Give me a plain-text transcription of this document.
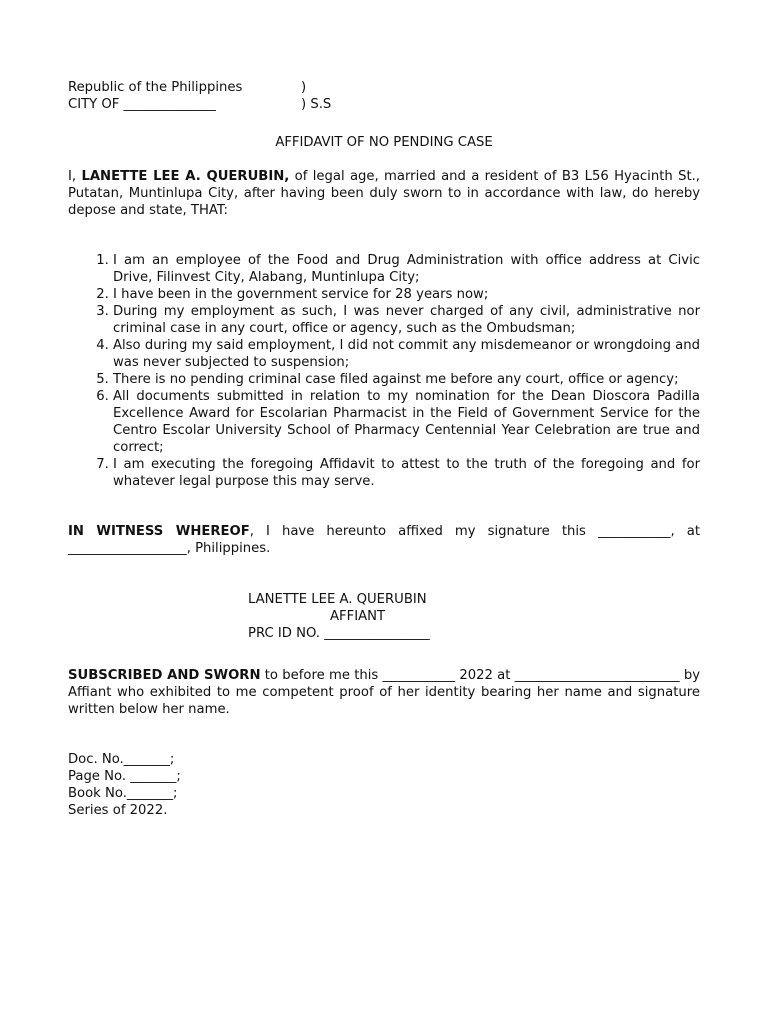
Republic of the Philippines	)
CITY OF ______________	) S.S
AFFIDAVIT OF NO PENDING CASE

I, LANETTE LEE A. QUERUBIN, of legal age, married and a resident of B3 L56 Hyacinth St., Putatan, Muntinlupa City, after having been duly sworn to in accordance with law, do hereby depose and state, THAT:

1. I am an employee of the Food and Drug Administration with office address at Civic Drive, Filinvest City, Alabang, Muntinlupa City;
2. I have been in the government service for 28 years now;
3. During my employment as such, I was never charged of any civil, administrative nor criminal case in any court, office or agency, such as the Ombudsman;
4. Also during my said employment, I did not commit any misdemeanor or wrongdoing and was never subjected to suspension;
5. There is no pending criminal case filed against me before any court, office or agency;
6. All documents submitted in relation to my nomination for the Dean Dioscora Padilla Excellence Award for Escolarian Pharmacist in the Field of Government Service for the Centro Escolar University School of Pharmacy Centennial Year Celebration are true and correct;
7. I am executing the foregoing Affidavit to attest to the truth of the foregoing and for whatever legal purpose this may serve.

IN WITNESS WHEREOF, I have hereunto affixed my signature this ___________, at __________________, Philippines.

LANETTE LEE A. QUERUBIN
AFFIANT
PRC ID NO. ________________

SUBSCRIBED AND SWORN to before me this ___________ 2022 at _________________________ by Affiant who exhibited to me competent proof of her identity bearing her name and signature written below her name.

Doc. No._______;
Page No. _______;
Book No._______;
Series of 2022.
